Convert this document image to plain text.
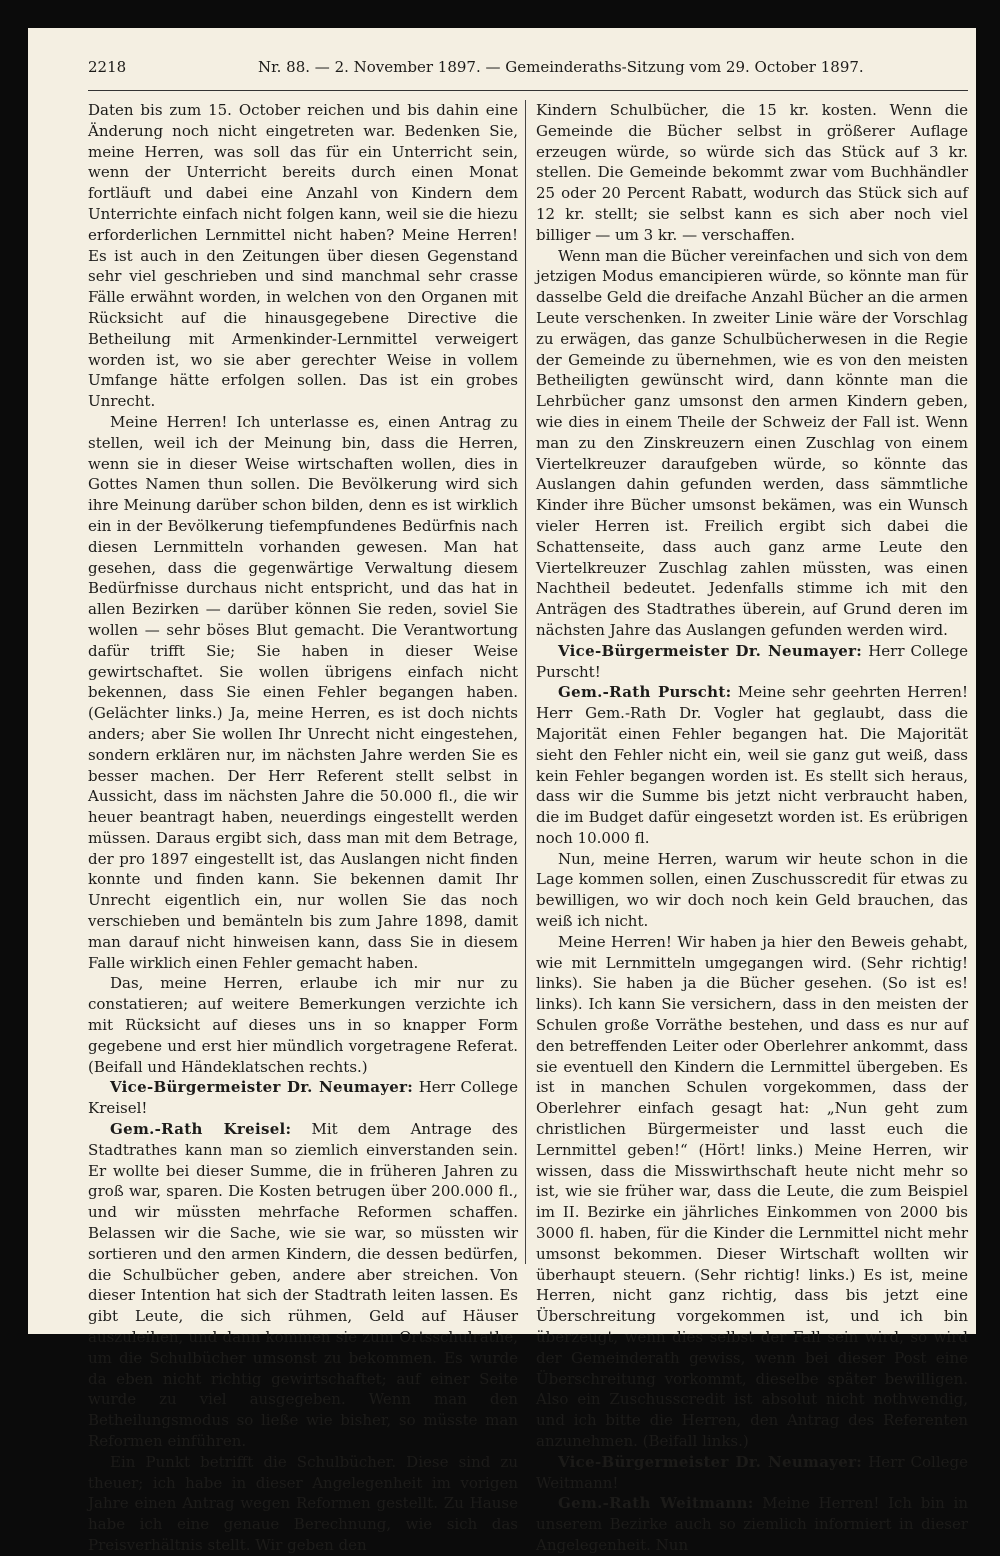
2218	Nr. 88. — 2. November 1897. — Gemeinderaths-Sitzung vom 29. October 1897.

Daten bis zum 15. October reichen und bis dahin eine Änderung noch nicht eingetreten war. Bedenken Sie, meine Herren, was soll das für ein Unterricht sein, wenn der Unterricht bereits durch einen Monat fortläuft und dabei eine Anzahl von Kindern dem Unterrichte einfach nicht folgen kann, weil sie die hiezu erforderlichen Lernmittel nicht haben? Meine Herren! Es ist auch in den Zeitungen über diesen Gegenstand sehr viel geschrieben und sind manchmal sehr crasse Fälle erwähnt worden, in welchen von den Organen mit Rücksicht auf die hinausgegebene Directive die Betheilung mit Armenkinder-Lernmittel verweigert worden ist, wo sie aber gerechter Weise in vollem Umfange hätte erfolgen sollen. Das ist ein grobes Unrecht.

Meine Herren! Ich unterlasse es, einen Antrag zu stellen, weil ich der Meinung bin, dass die Herren, wenn sie in dieser Weise wirtschaften wollen, dies in Gottes Namen thun sollen. Die Bevölkerung wird sich ihre Meinung darüber schon bilden, denn es ist wirklich ein in der Bevölkerung tiefempfundenes Bedürfnis nach diesen Lernmitteln vorhanden gewesen. Man hat gesehen, dass die gegenwärtige Verwaltung diesem Bedürfnisse durchaus nicht entspricht, und das hat in allen Bezirken — darüber können Sie reden, soviel Sie wollen — sehr böses Blut gemacht. Die Verantwortung dafür trifft Sie; Sie haben in dieser Weise gewirtschaftet. Sie wollen übrigens einfach nicht bekennen, dass Sie einen Fehler begangen haben. (Gelächter links.) Ja, meine Herren, es ist doch nichts anders; aber Sie wollen Ihr Unrecht nicht eingestehen, sondern erklären nur, im nächsten Jahre werden Sie es besser machen. Der Herr Referent stellt selbst in Aussicht, dass im nächsten Jahre die 50.000 fl., die wir heuer beantragt haben, neuerdings eingestellt werden müssen. Daraus ergibt sich, dass man mit dem Betrage, der pro 1897 eingestellt ist, das Auslangen nicht finden konnte und finden kann. Sie bekennen damit Ihr Unrecht eigentlich ein, nur wollen Sie das noch verschieben und bemänteln bis zum Jahre 1898, damit man darauf nicht hinweisen kann, dass Sie in diesem Falle wirklich einen Fehler gemacht haben.

Das, meine Herren, erlaube ich mir nur zu constatieren; auf weitere Bemerkungen verzichte ich mit Rücksicht auf dieses uns in so knapper Form gegebene und erst hier mündlich vorgetragene Referat. (Beifall und Händeklatschen rechts.)

Vice-Bürgermeister Dr. Neumayer: Herr College Kreisel!

Gem.-Rath Kreisel: Mit dem Antrage des Stadtrathes kann man so ziemlich einverstanden sein. Er wollte bei dieser Summe, die in früheren Jahren zu groß war, sparen. Die Kosten betrugen über 200.000 fl., und wir müssten mehrfache Reformen schaffen. Belassen wir die Sache, wie sie war, so müssten wir sortieren und den armen Kindern, die dessen bedürfen, die Schulbücher geben, andere aber streichen. Von dieser Intention hat sich der Stadtrath leiten lassen. Es gibt Leute, die sich rühmen, Geld auf Häuser auszuleihen, und dann kommen sie zum Ortsschulrathe, um die Schulbücher umsonst zu bekommen. Es wurde da eben nicht richtig gewirtschaftet; auf einer Seite wurde zu viel ausgegeben. Wenn man den Betheilungsmodus so ließe wie bisher, so müsste man Reformen einführen.

Ein Punkt betrifft die Schulbücher. Diese sind zu theuer; ich habe in dieser Angelegenheit im vorigen Jahre einen Antrag wegen Reformen gestellt. Zu Hause habe ich eine genaue Berechnung, wie sich das Preisverhältnis stellt. Wir geben den

Kindern Schulbücher, die 15 kr. kosten. Wenn die Gemeinde die Bücher selbst in größerer Auflage erzeugen würde, so würde sich das Stück auf 3 kr. stellen. Die Gemeinde bekommt zwar vom Buchhändler 25 oder 20 Percent Rabatt, wodurch das Stück sich auf 12 kr. stellt; sie selbst kann es sich aber noch viel billiger — um 3 kr. — verschaffen.

Wenn man die Bücher vereinfachen und sich von dem jetzigen Modus emancipieren würde, so könnte man für dasselbe Geld die dreifache Anzahl Bücher an die armen Leute verschenken. In zweiter Linie wäre der Vorschlag zu erwägen, das ganze Schulbücherwesen in die Regie der Gemeinde zu übernehmen, wie es von den meisten Betheiligten gewünscht wird, dann könnte man die Lehrbücher ganz umsonst den armen Kindern geben, wie dies in einem Theile der Schweiz der Fall ist. Wenn man zu den Zinskreuzern einen Zuschlag von einem Viertelkreuzer daraufgeben würde, so könnte das Auslangen dahin gefunden werden, dass sämmtliche Kinder ihre Bücher umsonst bekämen, was ein Wunsch vieler Herren ist. Freilich ergibt sich dabei die Schattenseite, dass auch ganz arme Leute den Viertelkreuzer Zuschlag zahlen müssten, was einen Nachtheil bedeutet. Jedenfalls stimme ich mit den Anträgen des Stadtrathes überein, auf Grund deren im nächsten Jahre das Auslangen gefunden werden wird.

Vice-Bürgermeister Dr. Neumayer: Herr College Purscht!

Gem.-Rath Purscht: Meine sehr geehrten Herren! Herr Gem.-Rath Dr. Vogler hat geglaubt, dass die Majorität einen Fehler begangen hat. Die Majorität sieht den Fehler nicht ein, weil sie ganz gut weiß, dass kein Fehler begangen worden ist. Es stellt sich heraus, dass wir die Summe bis jetzt nicht verbraucht haben, die im Budget dafür eingesetzt worden ist. Es erübrigen noch 10.000 fl.

Nun, meine Herren, warum wir heute schon in die Lage kommen sollen, einen Zuschusscredit für etwas zu bewilligen, wo wir doch noch kein Geld brauchen, das weiß ich nicht.

Meine Herren! Wir haben ja hier den Beweis gehabt, wie mit Lernmitteln umgegangen wird. (Sehr richtig! links). Sie haben ja die Bücher gesehen. (So ist es! links). Ich kann Sie versichern, dass in den meisten der Schulen große Vorräthe bestehen, und dass es nur auf den betreffenden Leiter oder Oberlehrer ankommt, dass sie eventuell den Kindern die Lernmittel übergeben. Es ist in manchen Schulen vorgekommen, dass der Oberlehrer einfach gesagt hat: „Nun geht zum christlichen Bürgermeister und lasst euch die Lernmittel geben!“ (Hört! links.) Meine Herren, wir wissen, dass die Misswirthschaft heute nicht mehr so ist, wie sie früher war, dass die Leute, die zum Beispiel im II. Bezirke ein jährliches Einkommen von 2000 bis 3000 fl. haben, für die Kinder die Lernmittel nicht mehr umsonst bekommen. Dieser Wirtschaft wollten wir überhaupt steuern. (Sehr richtig! links.) Es ist, meine Herren, nicht ganz richtig, dass bis jetzt eine Überschreitung vorgekommen ist, und ich bin überzeugt, wenn dies selbst der Fall sein wird, so wird der Gemeinderath gewiss, wenn bei dieser Post eine Überschreitung vorkommt, dieselbe später bewilligen. Also ein Zuschusscredit ist absolut nicht nothwendig, und ich bitte die Herren, den Antrag des Referenten anzunehmen. (Beifall links.)

Vice-Bürgermeister Dr. Neumayer: Herr College Weitmann!

Gem.-Rath Weitmann: Meine Herren! Ich bin in unserem Bezirke auch so ziemlich informiert in dieser Angelegenheit. Nun
